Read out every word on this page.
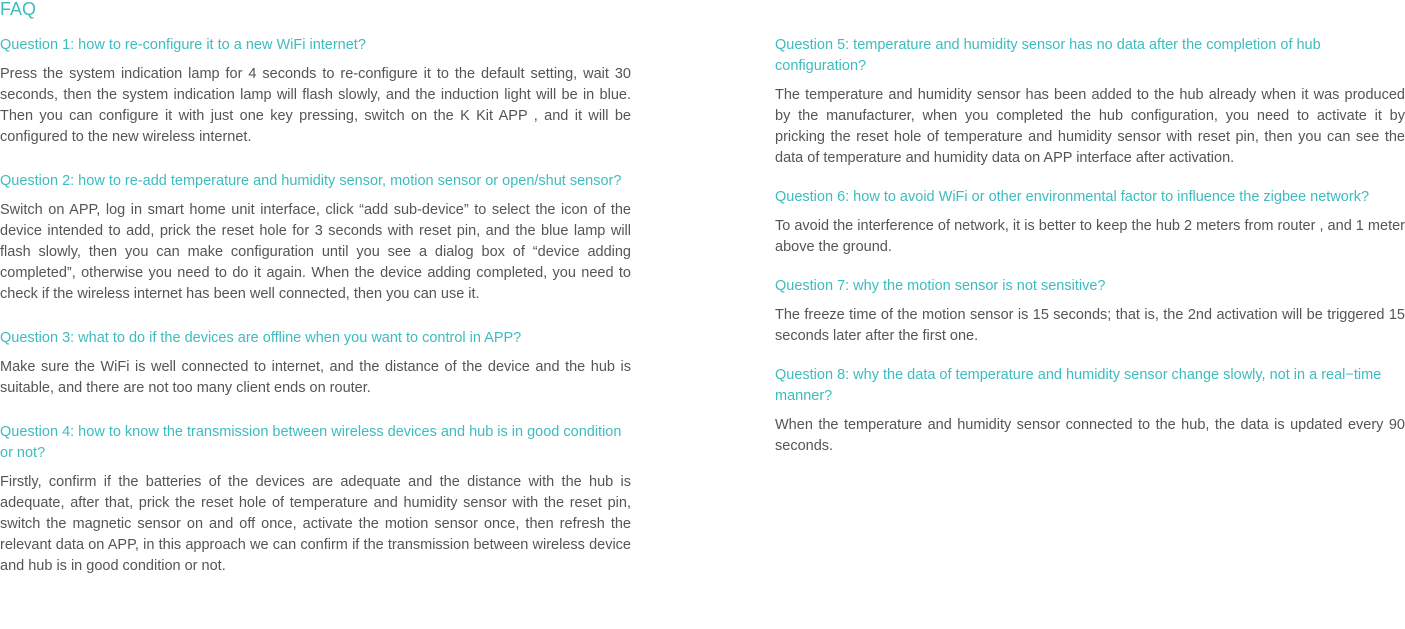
FAQ

Question 1: how to re-configure it to a new WiFi internet?

Press the system indication lamp for 4 seconds to re-configure it to the default setting, wait 30 seconds, then the system indication lamp will flash slowly, and the induction light will be in blue. Then you can configure it with just one key pressing, switch on the K Kit APP , and it will be configured to the new wireless internet.

Question 2: how to re-add temperature and humidity sensor, motion sensor or open/shut sensor?

Switch on APP, log in smart home unit interface, click “add sub-device” to select the icon of the device intended to add, prick the reset hole for 3 seconds with reset pin, and the blue lamp will flash slowly, then you can make configuration until you see a dialog box of “device adding completed”, otherwise you need to do it again. When the device adding completed, you need to check if the wireless internet has been well connected, then you can use it.

Question 3: what to do if the devices are offline when you want to control in APP?

Make sure the WiFi is well connected to internet, and the distance of the device and the hub is suitable, and there are not too many client ends on router.

Question 4: how to know the transmission between wireless devices and hub is in good condition or not?

Firstly, confirm if the batteries of the devices are adequate and the distance with the hub is adequate, after that, prick the reset hole of temperature and humidity sensor with the reset pin, switch the magnetic sensor on and off once, activate the motion sensor once, then refresh the relevant data on APP, in this approach we can confirm if the transmission between wireless device and hub is in good condition or not.

Question 5: temperature and humidity sensor has no data after the completion of hub configuration?

The temperature and humidity sensor has been added to the hub already when it was produced by the manufacturer, when you completed the hub configuration, you need to activate it by pricking the reset hole of temperature and humidity sensor with reset pin, then you can see the data of temperature and humidity data on APP interface after activation.

Question 6: how to avoid WiFi or other environmental factor to influence the zigbee network?

To avoid the interference of network, it is better to keep the hub 2 meters from router , and 1 meter above the ground.

Question 7: why the motion sensor is not sensitive?

The freeze time of the motion sensor is 15 seconds; that is, the 2nd activation will be triggered 15 seconds later after the first one.

Question 8: why the data of temperature and humidity sensor change slowly, not in a real−time manner?

When the temperature and humidity sensor connected to the hub, the data is updated every 90 seconds.
